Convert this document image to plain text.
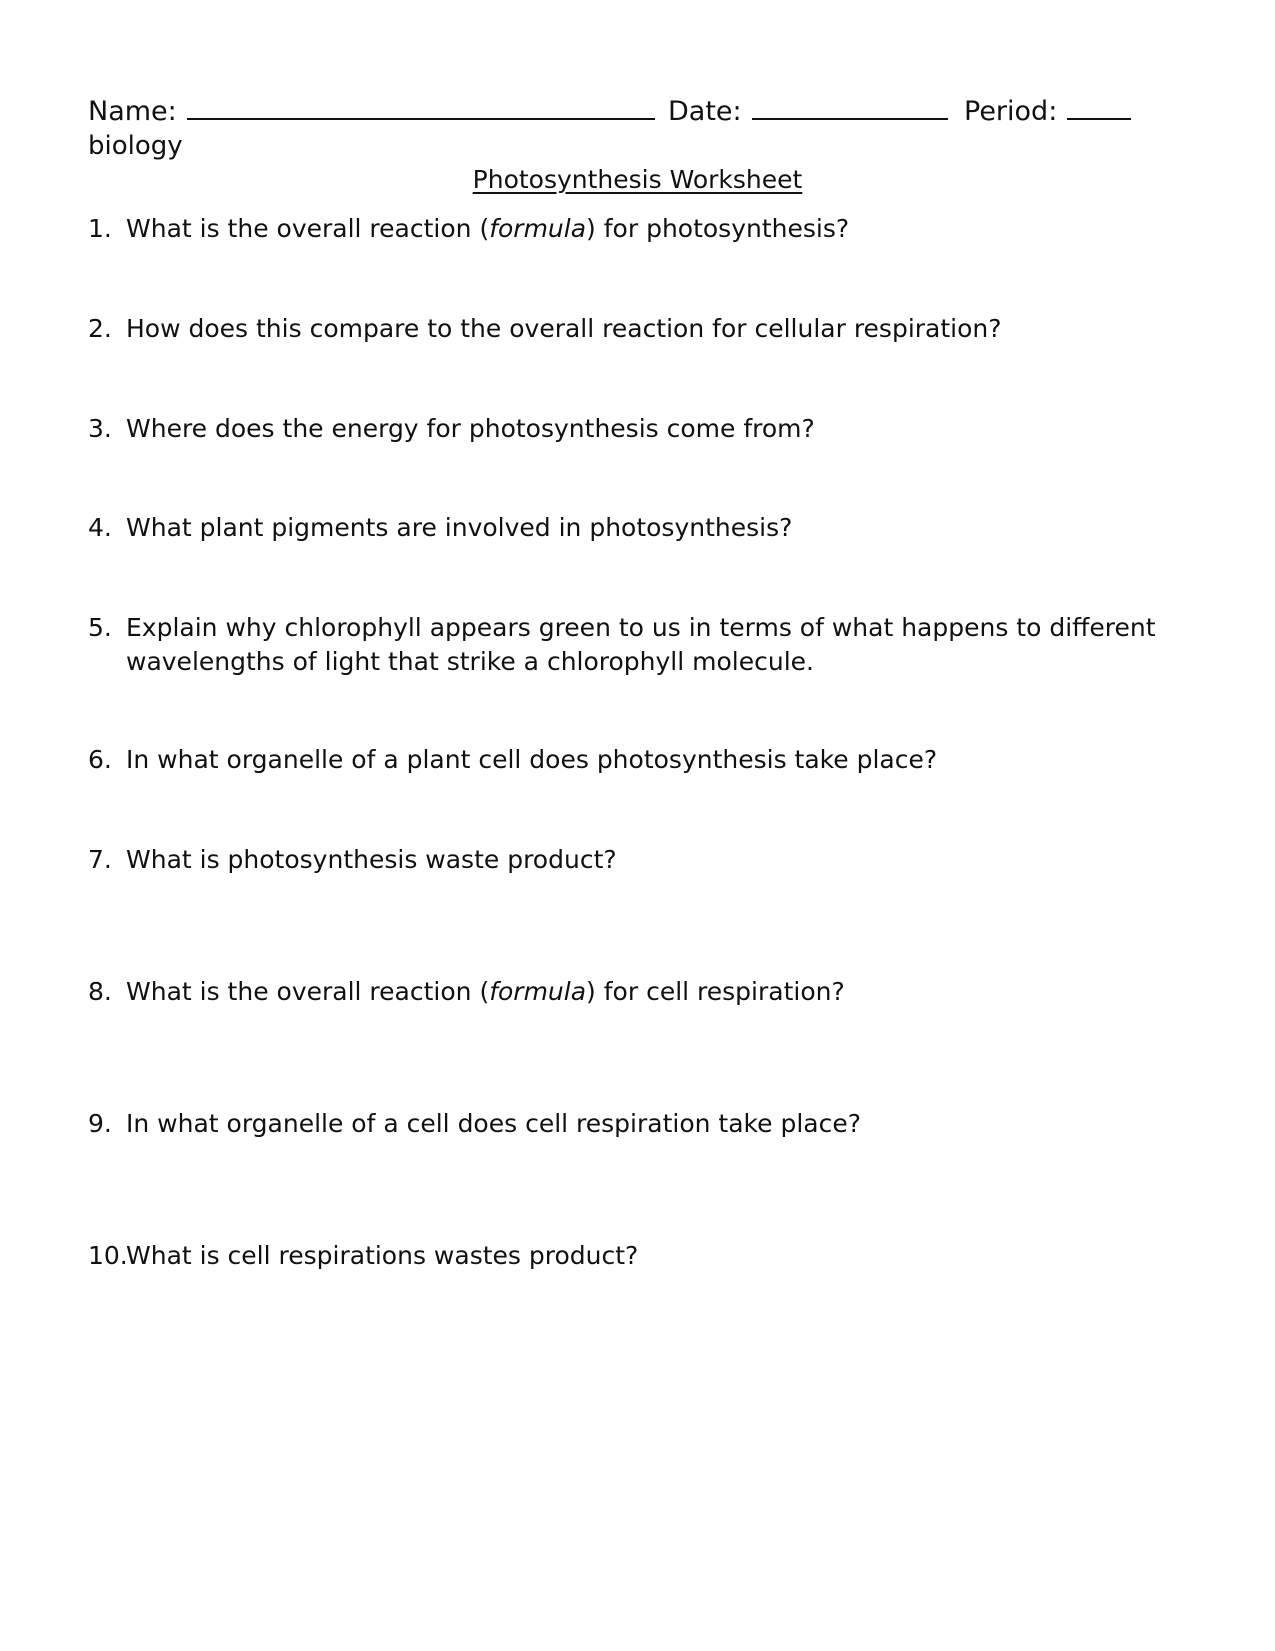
Name:	Date:	Period:
biology
Photosynthesis Worksheet
1. What is the overall reaction (formula) for photosynthesis?
2. How does this compare to the overall reaction for cellular respiration?
3. Where does the energy for photosynthesis come from?
4. What plant pigments are involved in photosynthesis?
5. Explain why chlorophyll appears green to us in terms of what happens to different
wavelengths of light that strike a chlorophyll molecule.
6. In what organelle of a plant cell does photosynthesis take place?
7. What is photosynthesis waste product?
8. What is the overall reaction (formula) for cell respiration?
9. In what organelle of a cell does cell respiration take place?
10.
What is cell respirations wastes product?
